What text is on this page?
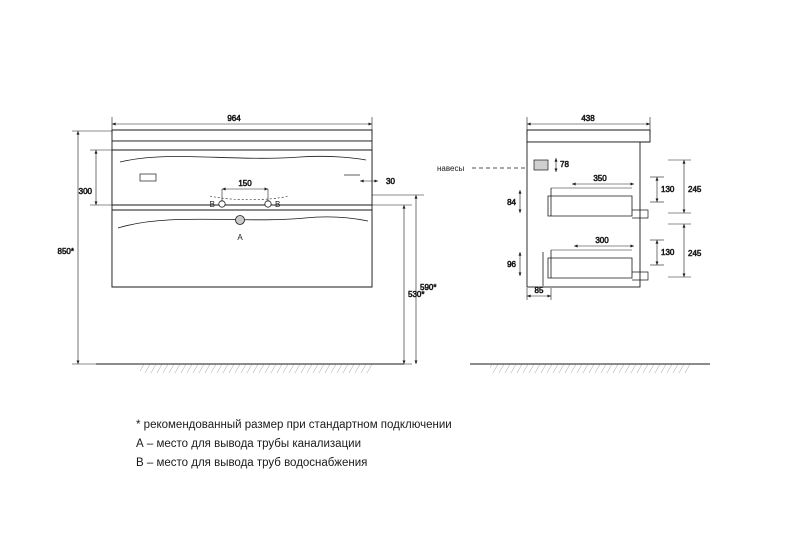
964
150	30
300
850*
530*
590*
B	B
A
438
78
350
84
130 245
300
96
130 245
85
навесы
* рекомендованный размер при стандартном подключении
А – место для вывода трубы канализации
B – место для вывода труб водоснабжения
